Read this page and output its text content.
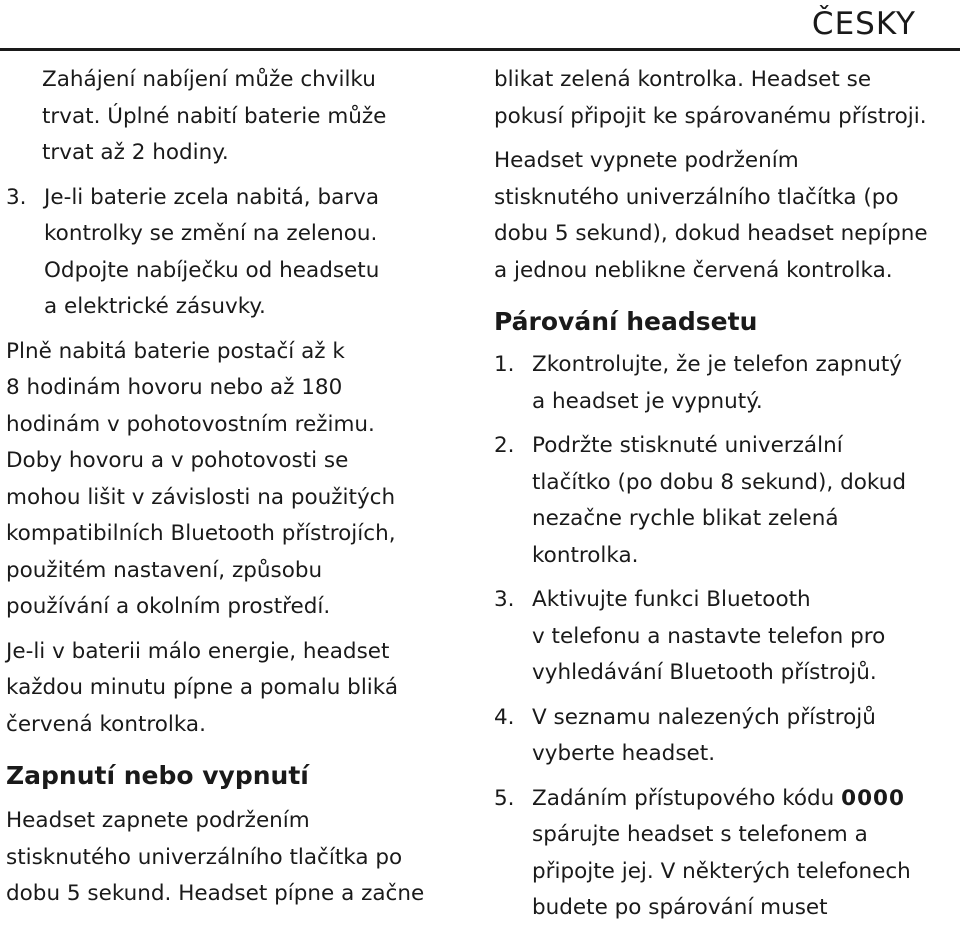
ČESKY
Zahájení nabíjení může chvilku
trvat. Úplné nabití baterie může
trvat až 2 hodiny.
3. Je-li baterie zcela nabitá, barva
kontrolky se změní na zelenou.
Odpojte nabíječku od headsetu
a elektrické zásuvky.
Plně nabitá baterie postačí až k
8 hodinám hovoru nebo až 180
hodinám v pohotovostním režimu.
Doby hovoru a v pohotovosti se
mohou lišit v závislosti na použitých
kompatibilních Bluetooth přístrojích,
použitém nastavení, způsobu
používání a okolním prostředí.
Je-li v baterii málo energie, headset
každou minutu pípne a pomalu bliká
červená kontrolka.
Zapnutí nebo vypnutí
Headset zapnete podržením
stisknutého univerzálního tlačítka po
dobu 5 sekund. Headset pípne a začne
blikat zelená kontrolka. Headset se
pokusí připojit ke spárovanému přístroji.
Headset vypnete podržením
stisknutého univerzálního tlačítka (po
dobu 5 sekund), dokud headset nepípne
a jednou neblikne červená kontrolka.
Párování headsetu
1. Zkontrolujte, že je telefon zapnutý
a headset je vypnutý.
2. Podržte stisknuté univerzální
tlačítko (po dobu 8 sekund), dokud
nezačne rychle blikat zelená
kontrolka.
3. Aktivujte funkci Bluetooth
v telefonu a nastavte telefon pro
vyhledávání Bluetooth přístrojů.
4. V seznamu nalezených přístrojů
vyberte headset.
5. Zadáním přístupového kódu 0000
spárujte headset s telefonem a
připojte jej. V některých telefonech
budete po spárování muset
